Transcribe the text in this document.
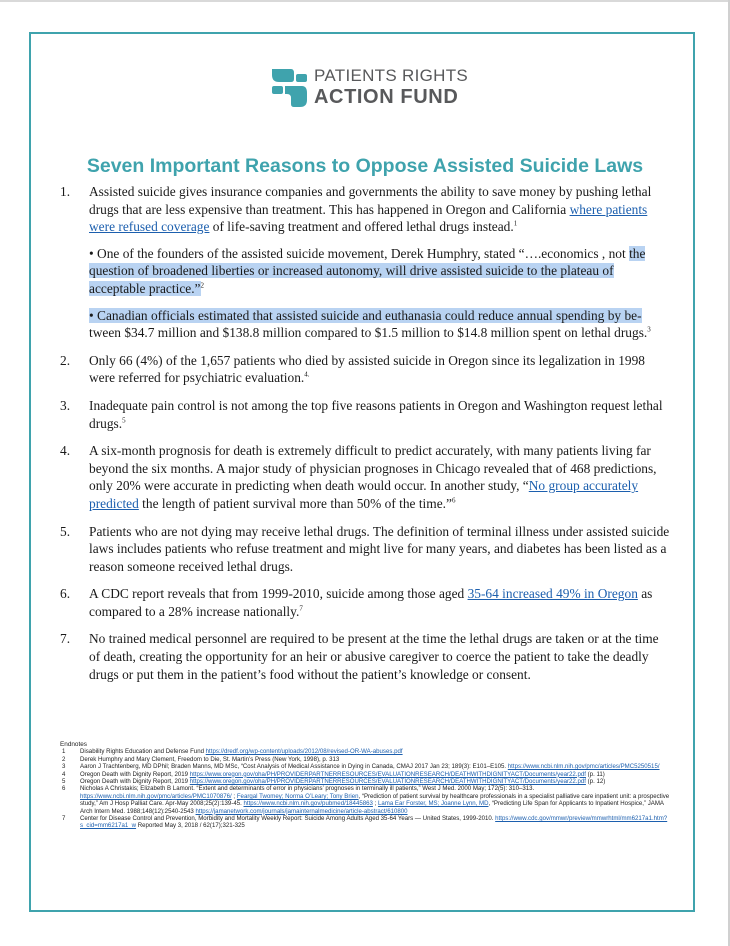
PATIENTS RIGHTS
ACTION FUND
Seven Important Reasons to Oppose Assisted Suicide Laws
1. Assisted suicide gives insurance companies and governments the ability to save money by pushing lethal drugs that are less expensive than treatment. This has happened in Oregon and California where patients were refused coverage of life-saving treatment and offered lethal drugs instead.$^1$
• One of the founders of the assisted suicide movement, Derek Humphry, stated “….economics , not the question of broadened liberties or increased autonomy, will drive assisted suicide to the plateau of acceptable practice.”$^2$
• Canadian officials estimated that assisted suicide and euthanasia could reduce annual spending by be-tween $34.7 million and $138.8 million compared to $1.5 million to $14.8 million spent on lethal drugs.$^3$
2. Only 66 (4%) of the 1,657 patients who died by assisted suicide in Oregon since its legalization in 1998 were referred for psychiatric evaluation.$^{4.}$
3. Inadequate pain control is not among the top five reasons patients in Oregon and Washington request lethal drugs.$^5$
4. A six-month prognosis for death is extremely difficult to predict accurately, with many patients living far beyond the six months. A major study of physician prognoses in Chicago revealed that of 468 predictions, only 20% were accurate in predicting when death would occur. In another study, “No group accurately predicted the length of patient survival more than 50% of the time.”$^6$
5. Patients who are not dying may receive lethal drugs. The definition of terminal illness under assisted suicide laws includes patients who refuse treatment and might live for many years, and diabetes has been listed as a reason someone received lethal drugs.
6. A CDC report reveals that from 1999-2010, suicide among those aged 35-64 increased 49% in Oregon as compared to a 28% increase nationally.$^7$
7. No trained medical personnel are required to be present at the time the lethal drugs are taken or at the time of death, creating the opportunity for an heir or abusive caregiver to coerce the patient to take the deadly drugs or put them in the patient’s food without the patient’s knowledge or consent.
Endnotes
1 Disability Rights Education and Defense Fund https://dredf.org/wp-content/uploads/2012/08/revised-OR-WA-abuses.pdf
2 Derek Humphry and Mary Clement, Freedom to Die, St. Martin’s Press (New York, 1998), p. 313
3 Aaron J Trachtenberg, MD DPhil; Braden Manns, MD MSc, “Cost Analysis of Medical Assistance in Dying in Canada, CMAJ 2017 Jan 23; 189(3): E101–E105. https://www.ncbi.nlm.nih.gov/pmc/articles/PMC5250515/
4 Oregon Death with Dignity Report, 2019 https://www.oregon.gov/oha/PH/PROVIDERPARTNERRESOURCES/EVALUATIONRESEARCH/DEATHWITHDIGNITYACT/Documents/year22.pdf (p. 11)
5 Oregon Death with Dignity Report, 2019 https://www.oregon.gov/oha/PH/PROVIDERPARTNERRESOURCES/EVALUATIONRESEARCH/DEATHWITHDIGNITYACT/Documents/year22.pdf (p. 12)
6 Nicholas A Christakis; Elizabeth B Lamont. “Extent and determinants of error in physicians’ prognoses in terminally ill patients,” West J Med. 2000 May; 172(5): 310–313. https://www.ncbi.nlm.nih.gov/pmc/articles/PMC1070876/ ; Feargal Twomey; Norma O’Leary; Tony Brien, “Prediction of patient survival by healthcare professionals in a specialist palliative care inpatient unit: a prospective study,” Am J Hosp Palliat Care. Apr-May 2008;25(2):139-45. https://www.ncbi.nlm.nih.gov/pubmed/18445863 ; Lama Ear Forster, MS; Joanne Lynn, MD, “Predicting Life Span for Applicants to Inpatient Hospice,” JAMA Arch Intern Med. 1988;148(12):2540-2543 https://jamanetwork.com/journals/jamainternalmedicine/article-abstract/610800
7 Center for Disease Control and Prevention, Morbidity and Mortality Weekly Report: Suicide Among Adults Aged 35-64 Years — United States, 1999-2010. https://www.cdc.gov/mmwr/preview/mmwrhtml/mm6217a1.htm?s_cid=mm6217a1_w Reported May 3, 2018 / 62(17);321-325
